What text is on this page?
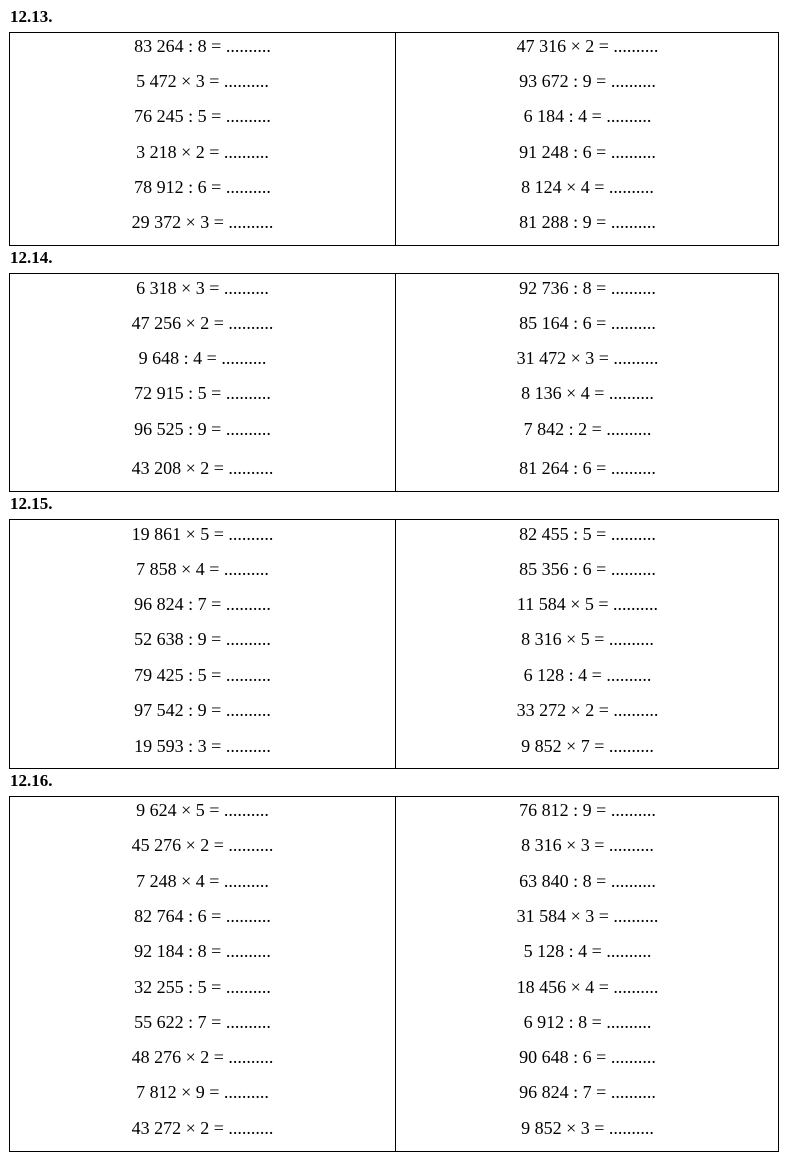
12.13.
83 264 : 8 = ..........
5 472 × 3 = ..........
76 245 : 5 = ..........
3 218 × 2 = ..........
78 912 : 6 = ..........
29 372 × 3 = ..........
47 316 × 2 = ..........
93 672 : 9 = ..........
6 184 : 4 = ..........
91 248 : 6 = ..........
8 124 × 4 = ..........
81 288 : 9 = ..........
12.14.
6 318 × 3 = ..........
47 256 × 2 = ..........
9 648 : 4 = ..........
72 915 : 5 = ..........
96 525 : 9 = ..........
43 208 × 2 = ..........
92 736 : 8 = ..........
85 164 : 6 = ..........
31 472 × 3 = ..........
8 136 × 4 = ..........
7 842 : 2 = ..........
81 264 : 6 = ..........
12.15.
19 861 × 5 = ..........
7 858 × 4 = ..........
96 824 : 7 = ..........
52 638 : 9 = ..........
79 425 : 5 = ..........
97 542 : 9 = ..........
19 593 : 3 = ..........
82 455 : 5 = ..........
85 356 : 6 = ..........
11 584 × 5 = ..........
8 316 × 5 = ..........
6 128 : 4 = ..........
33 272 × 2 = ..........
9 852 × 7 = ..........
12.16.
9 624 × 5 = ..........
45 276 × 2 = ..........
7 248 × 4 = ..........
82 764 : 6 = ..........
92 184 : 8 = ..........
32 255 : 5 = ..........
55 622 : 7 = ..........
48 276 × 2 = ..........
7 812 × 9 = ..........
43 272 × 2 = ..........
76 812 : 9 = ..........
8 316 × 3 = ..........
63 840 : 8 = ..........
31 584 × 3 = ..........
5 128 : 4 = ..........
18 456 × 4 = ..........
6 912 : 8 = ..........
90 648 : 6 = ..........
96 824 : 7 = ..........
9 852 × 3 = ..........
